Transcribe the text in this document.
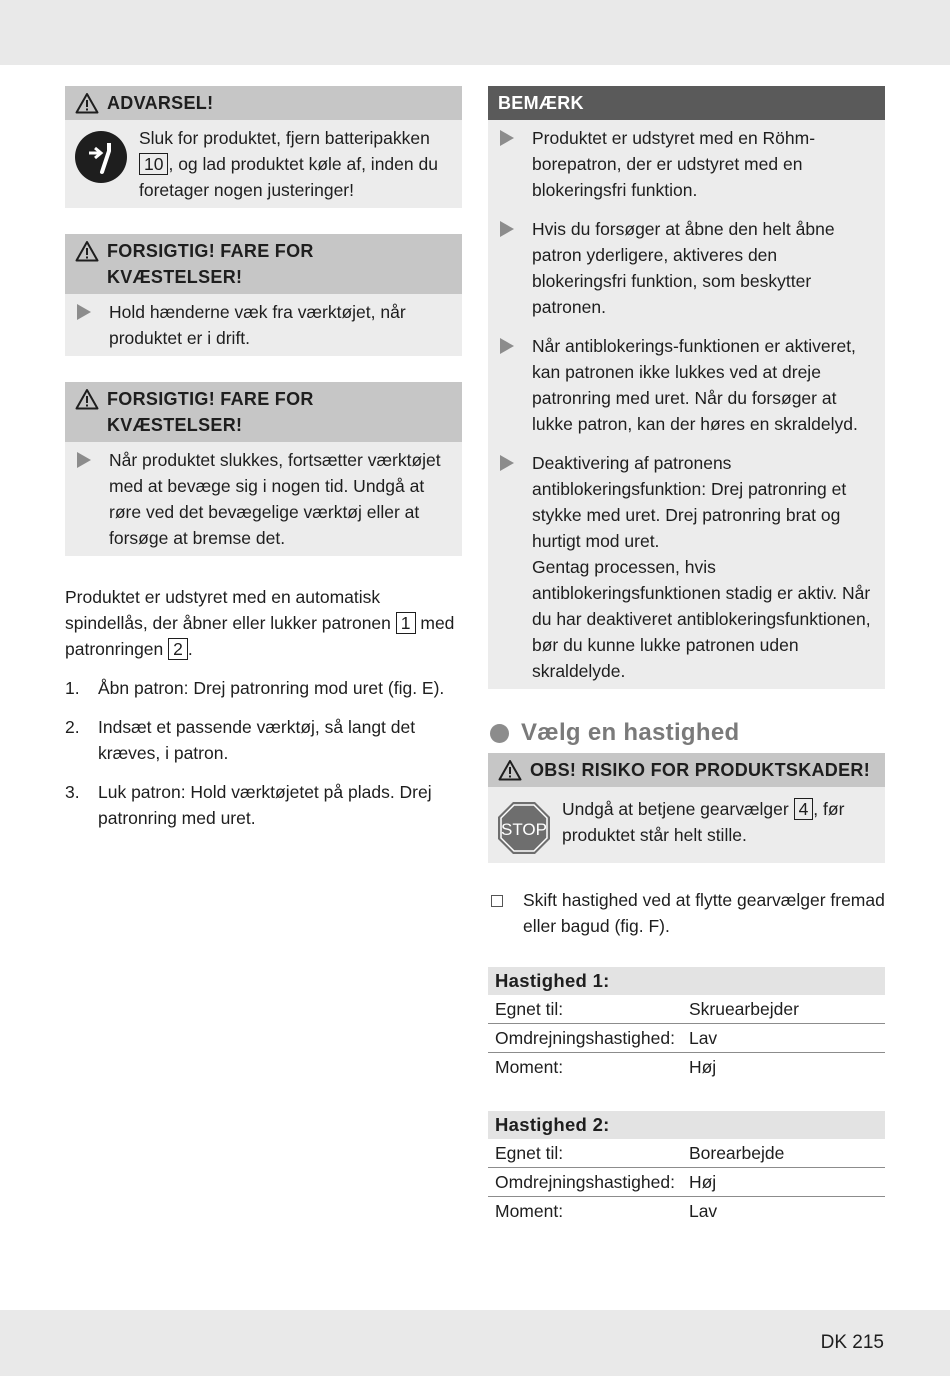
ADVARSEL!
Sluk for produktet, fjern batteripakken 10 , og lad produktet køle af, inden du foretager nogen justeringer!
FORSIGTIG! FARE FOR KVÆSTELSER!
Hold hænderne væk fra værktøjet, når produktet er i drift.
FORSIGTIG! FARE FOR KVÆSTELSER!
Når produktet slukkes, fortsætter værktøjet med at bevæge sig i nogen tid. Undgå at røre ved det bevægelige værktøj eller at forsøge at bremse det.

Produktet er udstyret med en automatisk spindellås, der åbner eller lukker patronen 1 med patronringen 2 .

1.	Åbn patron: Drej patronring mod uret (fig. E).
2.	Indsæt et passende værktøj, så langt det kræves, i patron.
3.	Luk patron: Hold værktøjetet på plads. Drej patronring med uret.
BEMÆRK
Produktet er udstyret med en Röhm-borepatron, der er udstyret med en blokeringsfri funktion.
Hvis du forsøger at åbne den helt åbne patron yderligere, aktiveres den blokeringsfri funktion, som beskytter patronen.
Når antiblokerings-funktionen er aktiveret, kan patronen ikke lukkes ved at dreje patronring med uret. Når du forsøger at lukke patron, kan der høres en skraldelyd.
Deaktivering af patronens antiblokeringsfunktion: Drej patronring et stykke med uret. Drej patronring brat og hurtigt mod uret.
Gentag processen, hvis antiblokeringsfunktionen stadig er aktiv. Når du har deaktiveret antiblokeringsfunktionen, bør du kunne lukke patronen uden skraldelyde.
Vælg en hastighed
OBS! RISIKO FOR PRODUKTSKADER!
STOP
Undgå at betjene gearvælger 4 , før produktet står helt stille.
Skift hastighed ved at flytte gearvælger fremad eller bagud (fig. F).
Hastighed 1:	
Egnet til:	Skruearbejder
Omdrejningshastighed:	Lav
Moment:	Høj
Hastighed 2:	
Egnet til:	Borearbejde
Omdrejningshastighed:	Høj
Moment:	Lav
DK 215
